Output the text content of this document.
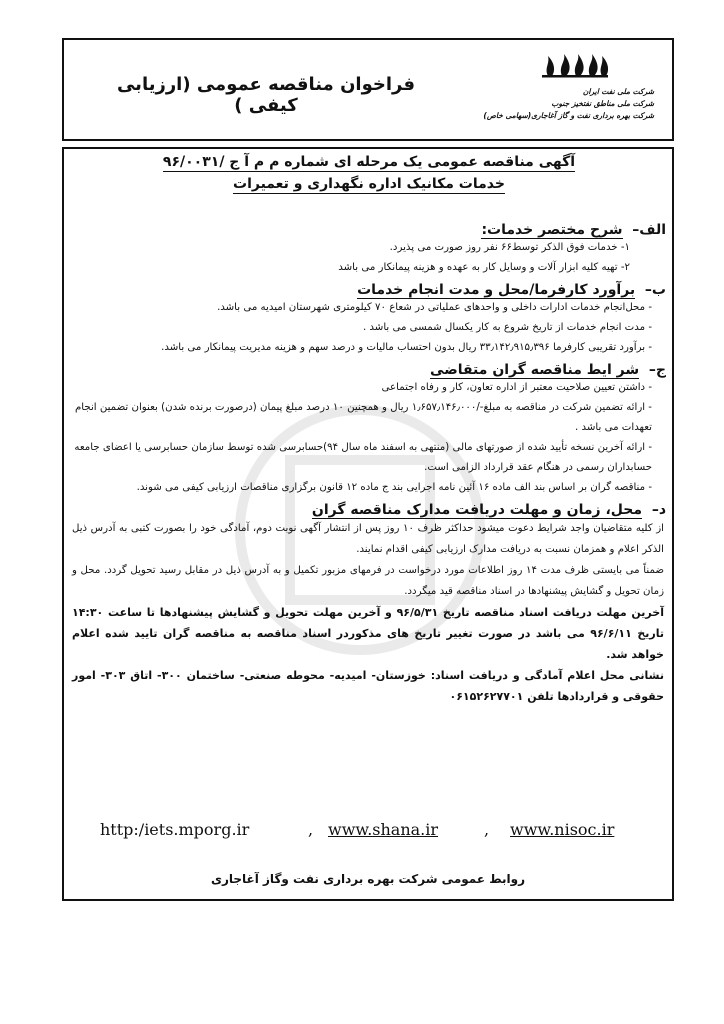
فراخوان مناقصه عمومی (ارزیابی کیفی )
شرکت ملی نفت ایران
شرکت ملی مناطق نفتخیز جنوب
شرکت بهره برداری نفت و گاز آغاجاری(سهامی خاص)
آگهی مناقصه عمومی یک مرحله ای شماره م م آ ج /۹۶/۰۰۳۱
خدمات مکانیک اداره نگهداری و تعمیرات
الف–  شرح مختصر خدمات:
۱- خدمات فوق الذکر توسط۶۶ نفر روز صورت می پذیرد.
۲- تهیه کلیه ابزار آلات و وسایل کار به عهده و هزینه پیمانکار می باشد
ب–  برآورد کارفرما/محل و مدت انجام خدمات
- محل‌انجام خدمات ادارات داخلی و واحدهای عملیاتی در شعاع ۷۰ کیلومتری شهرستان امیدیه می باشد.
- مدت انجام خدمات از تاریخ شروع به کار یکسال شمسی می باشد .
- برآورد تقریبی کارفرما ۳۳٫۱۴۲٫۹۱۵٫۳۹۶ ریال بدون احتساب مالیات و درصد سهم و هزینه مدیریت پیمانکار می باشد.
ج–  شر ایط مناقصه گران متقاضی
- داشتن تعیین صلاحیت معتبر از اداره تعاون، کار و رفاه اجتماعی
- ارائه تضمین شرکت در مناقصه به مبلغ-/۱٫۶۵۷٫۱۴۶٫۰۰۰ ریال و همچنین ۱۰ درصد مبلغ پیمان (درصورت برنده شدن) بعنوان تضمین انجام تعهدات می باشد .
- ارائه آخرین نسخه تأیید شده از صورتهای مالی (منتهی به اسفند ماه سال ۹۴)حسابرسی شده توسط سازمان حسابرسی یا اعضای جامعه حسابداران رسمی در هنگام عقد قرارداد الزامی است.
- مناقصه گران بر اساس بند الف ماده ۱۶ آئین نامه اجرایی بند ج ماده ۱۲ قانون برگزاری مناقصات ارزیابی کیفی می شوند.
د–  محل، زمان و مهلت دریافت مدارک مناقصه گران
از کلیه متقاضیان واجد شرایط دعوت میشود حداکثر ظرف ۱۰ روز پس از انتشار آگهی نوبت دوم، آمادگی خود را بصورت کتبی به آدرس ذیل الذکر اعلام و همزمان نسبت به دریافت مدارک ارزیابی کیفی اقدام نمایند.
ضمناً می بایستی ظرف مدت ۱۴ روز اطلاعات مورد درخواست در فرمهای مزبور تکمیل و به آدرس ذیل در مقابل رسید تحویل گردد. محل و زمان تحویل و گشایش پیشنهادها در اسناد مناقصه قید میگردد.
آخرین مهلت دریافت اسناد مناقصه تاریخ ۹۶/۵/۳۱ و آخرین مهلت تحویل و گشایش پیشنهادها تا ساعت ۱۴:۳۰ تاریخ ۹۶/۶/۱۱ می باشد در صورت تغییر تاریخ های مذکوردر اسناد مناقصه به مناقصه گران تایید شده اعلام خواهد شد.
نشانی محل اعلام آمادگی و دریافت اسناد: خوزستان- امیدیه- محوطه صنعتی- ساختمان ۳۰۰- اتاق ۳۰۳- امور حقوقی و قراردادها تلفن ۰۶۱۵۲۶۲۷۷۰۱
http:/iets.mporg.ir	, www.shana.ir	, www.nisoc.ir
روابط عمومی شرکت بهره برداری نفت وگاز آغاجاری
